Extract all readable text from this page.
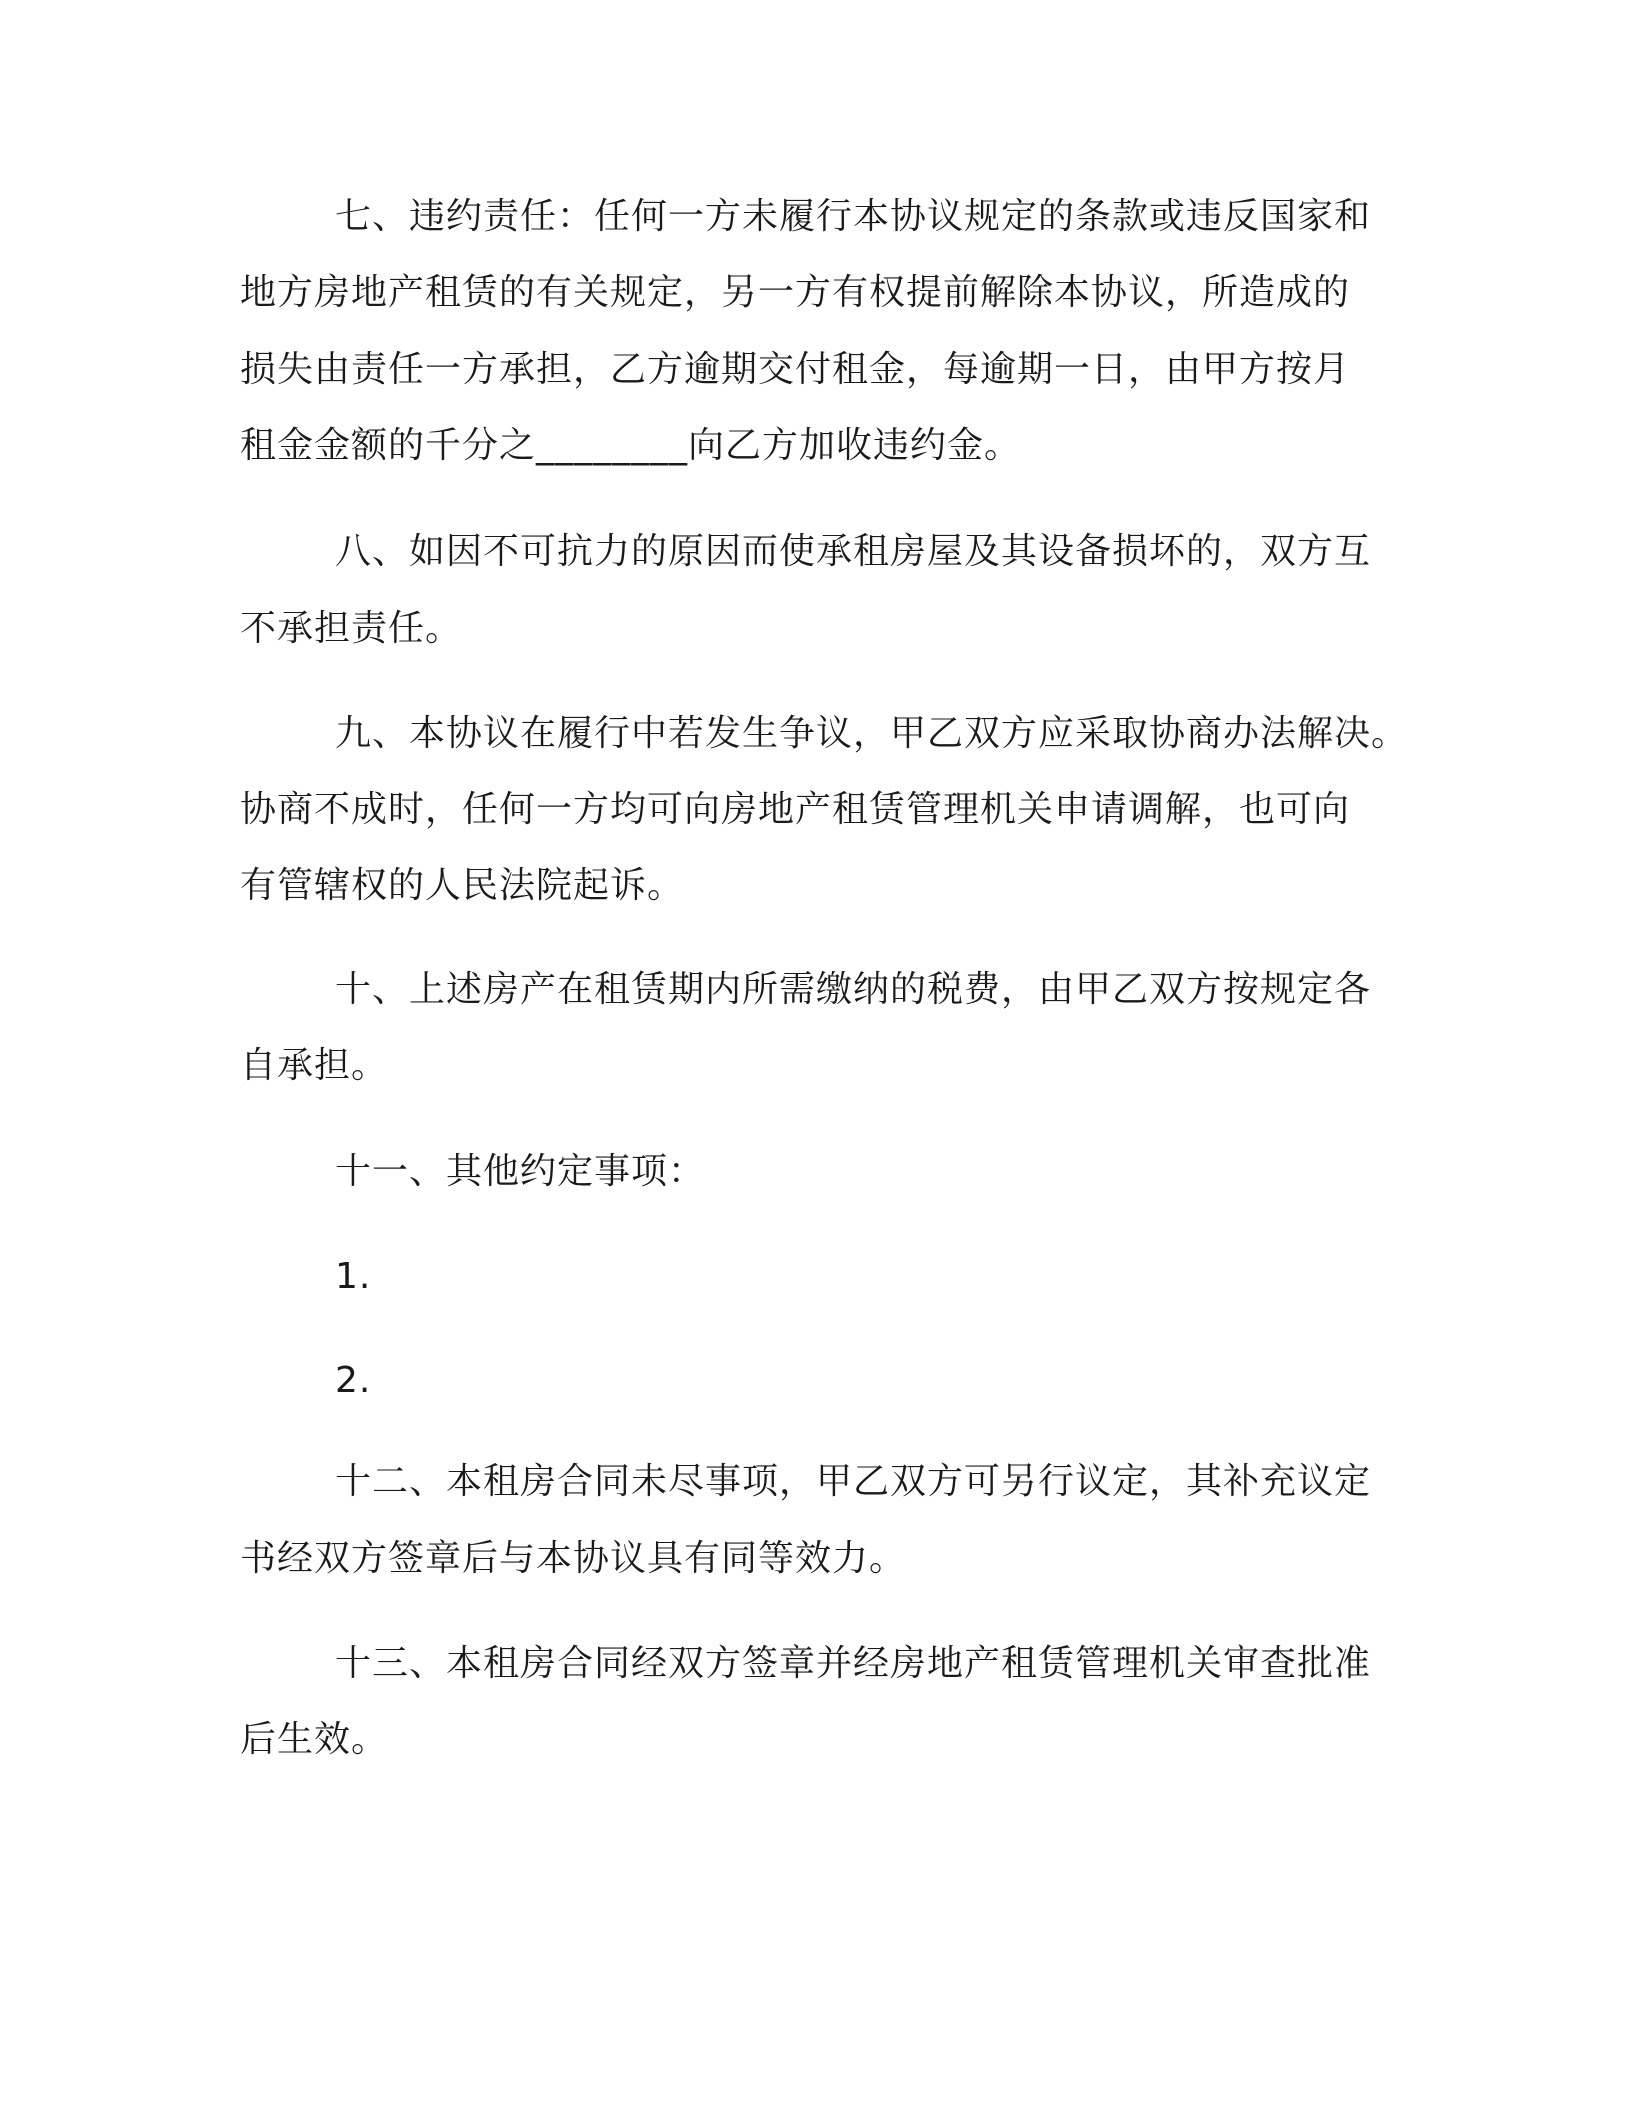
七、违约责任：任何一方未履行本协议规定的条款或违反国家和
地方房地产租赁的有关规定，另一方有权提前解除本协议，所造成的
损失由责任一方承担，乙方逾期交付租金，每逾期一日，由甲方按月
租金金额的千分之________向乙方加收违约金。
八、如因不可抗力的原因而使承租房屋及其设备损坏的，双方互
不承担责任。
九、本协议在履行中若发生争议，甲乙双方应采取协商办法解决。
协商不成时，任何一方均可向房地产租赁管理机关申请调解，也可向
有管辖权的人民法院起诉。
十、上述房产在租赁期内所需缴纳的税费，由甲乙双方按规定各
自承担。
十一、其他约定事项：
1.
2.
十二、本租房合同未尽事项，甲乙双方可另行议定，其补充议定
书经双方签章后与本协议具有同等效力。
十三、本租房合同经双方签章并经房地产租赁管理机关审查批准
后生效。
